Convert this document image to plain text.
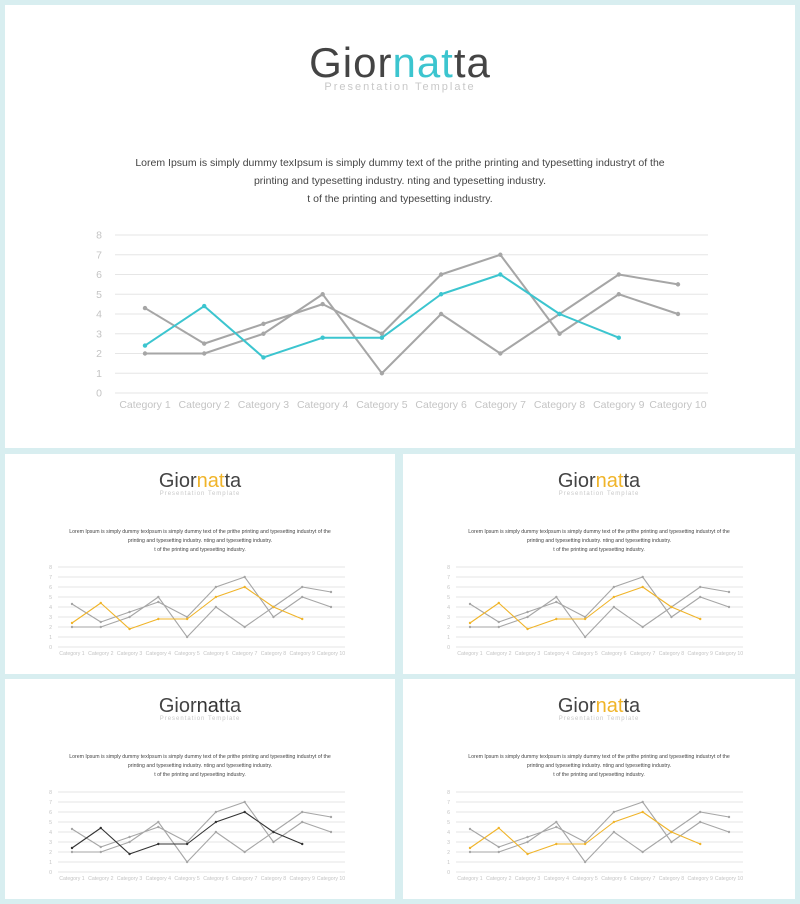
Giornatta
Presentation Template
Lorem Ipsum is simply dummy texIpsum is simply dummy text of the prithe printing and typesetting industryt of the
printing and typesetting industry. nting and typesetting industry.
t of the printing and typesetting industry.
0
1
2
3
4
5
6
7
8
Category 1 Category 2 Category 3 Category 4 Category 5 Category 6 Category 7 Category 8 Category 9 Category 10
Giornatta
Presentation Template
Lorem Ipsum is simply dummy texIpsum is simply dummy text of the prithe printing and typesetting industryt of the
printing and typesetting industry. nting and typesetting industry.
t of the printing and typesetting industry.
0
1
2
3
4
5
6
7
8
Category 1 Category 2 Category 3 Category 4 Category 5 Category 6 Category 7 Category 8 Category 9 Category 10
Giornatta
Presentation Template
Lorem Ipsum is simply dummy texIpsum is simply dummy text of the prithe printing and typesetting industryt of the
printing and typesetting industry. nting and typesetting industry.
t of the printing and typesetting industry.
0
1
2
3
4
5
6
7
8
Category 1 Category 2 Category 3 Category 4 Category 5 Category 6 Category 7 Category 8 Category 9 Category 10
Giornatta
Presentation Template
Lorem Ipsum is simply dummy texIpsum is simply dummy text of the prithe printing and typesetting industryt of the
printing and typesetting industry. nting and typesetting industry.
t of the printing and typesetting industry.
0
1
2
3
4
5
6
7
8
Category 1 Category 2 Category 3 Category 4 Category 5 Category 6 Category 7 Category 8 Category 9 Category 10
Giornatta
Presentation Template
Lorem Ipsum is simply dummy texIpsum is simply dummy text of the prithe printing and typesetting industryt of the
printing and typesetting industry. nting and typesetting industry.
t of the printing and typesetting industry.
0
1
2
3
4
5
6
7
8
Category 1 Category 2 Category 3 Category 4 Category 5 Category 6 Category 7 Category 8 Category 9 Category 10
